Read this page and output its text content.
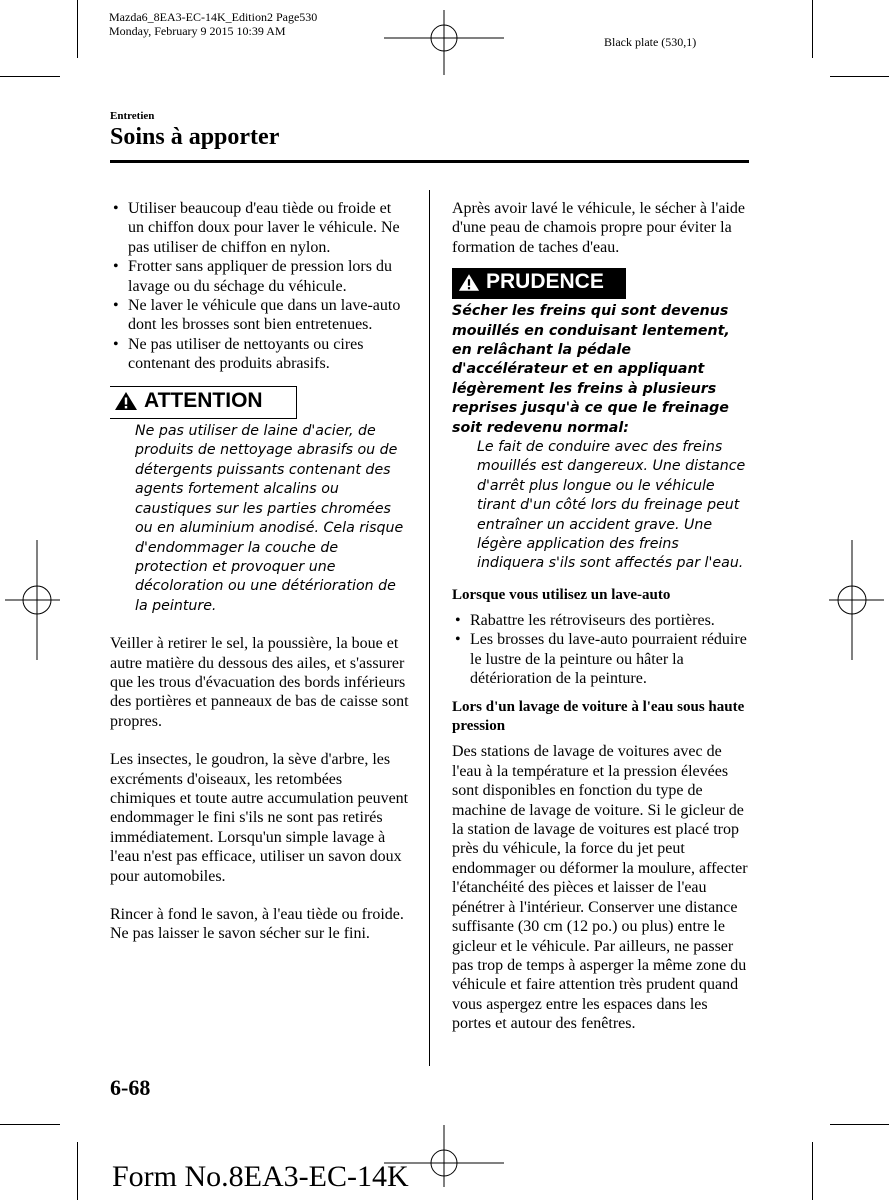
Mazda6_8EA3-EC-14K_Edition2 Page530
Monday, February 9 2015 10:39 AM
Black plate (530,1)
Entretien
Soins à apporter
• Utiliser beaucoup d'eau tiède ou froide et un chiffon doux pour laver le véhicule. Ne pas utiliser de chiffon en nylon.
• Frotter sans appliquer de pression lors du lavage ou du séchage du véhicule.
• Ne laver le véhicule que dans un lave-auto dont les brosses sont bien entretenues.
• Ne pas utiliser de nettoyants ou cires contenant des produits abrasifs.
ATTENTION
Ne pas utiliser de laine d'acier, de produits de nettoyage abrasifs ou de détergents puissants contenant des agents fortement alcalins ou caustiques sur les parties chromées ou en aluminium anodisé. Cela risque d'endommager la couche de protection et provoquer une décoloration ou une détérioration de la peinture.

Veiller à retirer le sel, la poussière, la boue et autre matière du dessous des ailes, et s'assurer que les trous d'évacuation des bords inférieurs des portières et panneaux de bas de caisse sont propres.

Les insectes, le goudron, la sève d'arbre, les excréments d'oiseaux, les retombées chimiques et toute autre accumulation peuvent endommager le fini s'ils ne sont pas retirés immédiatement. Lorsqu'un simple lavage à l'eau n'est pas efficace, utiliser un savon doux pour automobiles.

Rincer à fond le savon, à l'eau tiède ou froide. Ne pas laisser le savon sécher sur le fini.

Après avoir lavé le véhicule, le sécher à l'aide d'une peau de chamois propre pour éviter la formation de taches d'eau.

PRUDENCE
Sécher les freins qui sont devenus mouillés en conduisant lentement, en relâchant la pédale d'accélérateur et en appliquant légèrement les freins à plusieurs reprises jusqu'à ce que le freinage soit redevenu normal:
Le fait de conduire avec des freins mouillés est dangereux. Une distance d'arrêt plus longue ou le véhicule tirant d'un côté lors du freinage peut entraîner un accident grave. Une légère application des freins indiquera s'ils sont affectés par l'eau.
Lorsque vous utilisez un lave-auto
• Rabattre les rétroviseurs des portières.
• Les brosses du lave-auto pourraient réduire le lustre de la peinture ou hâter la détérioration de la peinture.
Lors d'un lavage de voiture à l'eau sous haute pression

Des stations de lavage de voitures avec de l'eau à la température et la pression élevées sont disponibles en fonction du type de machine de lavage de voiture. Si le gicleur de la station de lavage de voitures est placé trop près du véhicule, la force du jet peut endommager ou déformer la moulure, affecter l'étanchéité des pièces et laisser de l'eau pénétrer à l'intérieur. Conserver une distance suffisante (30 cm (12 po.) ou plus) entre le gicleur et le véhicule. Par ailleurs, ne passer pas trop de temps à asperger la même zone du véhicule et faire attention très prudent quand vous aspergez entre les espaces dans les portes et autour des fenêtres.

6-68
Form No.8EA3-EC-14K
